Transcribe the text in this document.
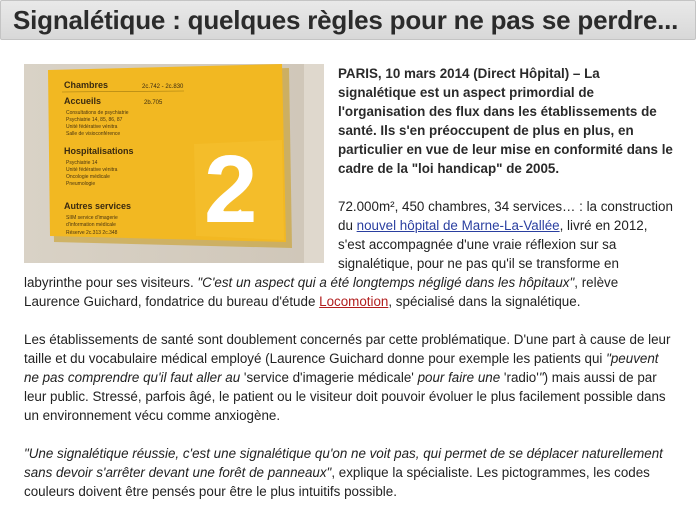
Signalétique : quelques règles pour ne pas se perdre...
Chambres	2c.742 - 2c.830
Accueils	2b.705
Consultations de psychiatrie
Psychiatrie 14, 85, 86, 87
Unité fédérative vénitra
Salle de visioconférence
Hospitalisations
Psychiatrie 14
Unité fédérative vénitra
Oncologie médicale
Pneumologie
Autres services
SIIM service d'imagerie
d'information médicale
Réserve 2c.313 2c.348 2

PARIS, 10 mars 2014 (Direct Hôpital) – La signalétique est un aspect primordial de l'organisation des flux dans les établissements de santé. Ils s'en préoccupent de plus en plus, en particulier en vue de leur mise en conformité dans le cadre de la "loi handicap" de 2005.

72.000m², 450 chambres, 34 services… : la construction du nouvel hôpital de Marne-La-Vallée, livré en 2012, s'est accompagnée d'une vraie réflexion sur sa signalétique, pour ne pas qu'il se transforme en labyrinthe pour ses visiteurs. "C'est un aspect qui a été longtemps négligé dans les hôpitaux", relève Laurence Guichard, fondatrice du bureau d'étude Locomotion, spécialisé dans la signalétique.

Les établissements de santé sont doublement concernés par cette problématique. D'une part à cause de leur taille et du vocabulaire médical employé (Laurence Guichard donne pour exemple les patients qui "peuvent ne pas comprendre qu'il faut aller au 'service d'imagerie médicale' pour faire une 'radio'") mais aussi de par leur public. Stressé, parfois âgé, le patient ou le visiteur doit pouvoir évoluer le plus facilement possible dans un environnement vécu comme anxiogène.

"Une signalétique réussie, c'est une signalétique qu'on ne voit pas, qui permet de se déplacer naturellement sans devoir s'arrêter devant une forêt de panneaux", explique la spécialiste. Les pictogrammes, les codes couleurs doivent être pensés pour être le plus intuitifs possible.
